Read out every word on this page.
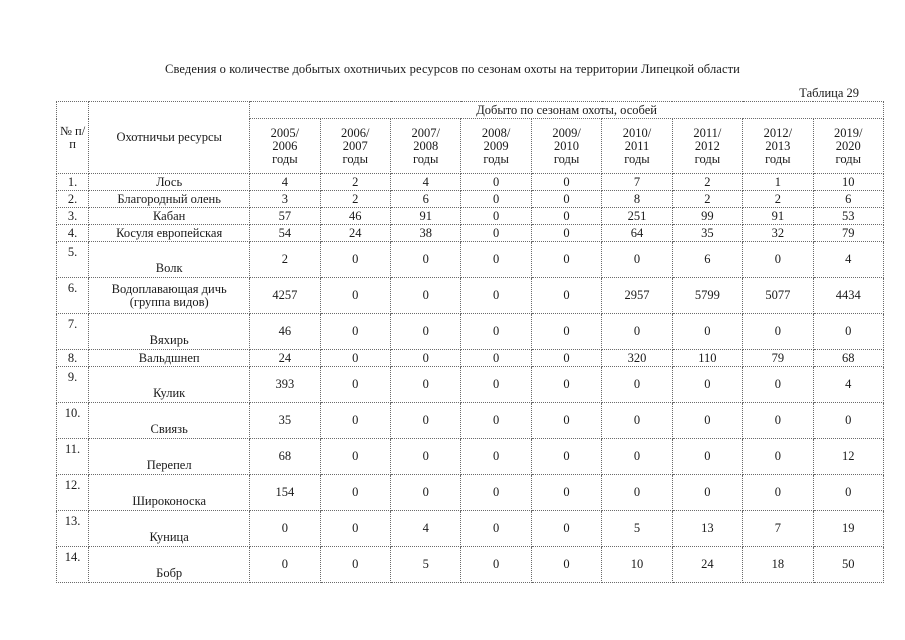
Сведения о количестве добытых охотничьих ресурсов по сезонам охоты на территории Липецкой области
Таблица 29
№ п/п	Охотничьи ресурсы	Добыто по сезонам охоты, особей								
		2005/
2006
годы	2006/
2007
годы	2007/
2008
годы	2008/
2009
годы	2009/
2010
годы	2010/
2011
годы	2011/
2012
годы	2012/
2013
годы	2019/
2020
годы
1.	Лось	4	2	4	0	0	7	2	1	10
2.	Благородный олень	3	2	6	0	0	8	2	2	6
3.	Кабан	57	46	91	0	0	251	99	91	53
4.	Косуля европейская	54	24	38	0	0	64	35	32	79
5.	Волк	2	0	0	0	0	0	6	0	4
6.	Водоплавающая дичь (группа видов)	4257	0	0	0	0	2957	5799	5077	4434
7.	Вяхирь	46	0	0	0	0	0	0	0	0
8.	Вальдшнеп	24	0	0	0	0	320	110	79	68
9.	Кулик	393	0	0	0	0	0	0	0	4
10.	Свиязь	35	0	0	0	0	0	0	0	0
11.	Перепел	68	0	0	0	0	0	0	0	12
12.	Широконоска	154	0	0	0	0	0	0	0	0
13.	Куница	0	0	4	0	0	5	13	7	19
14.	Бобр	0	0	5	0	0	10	24	18	50
